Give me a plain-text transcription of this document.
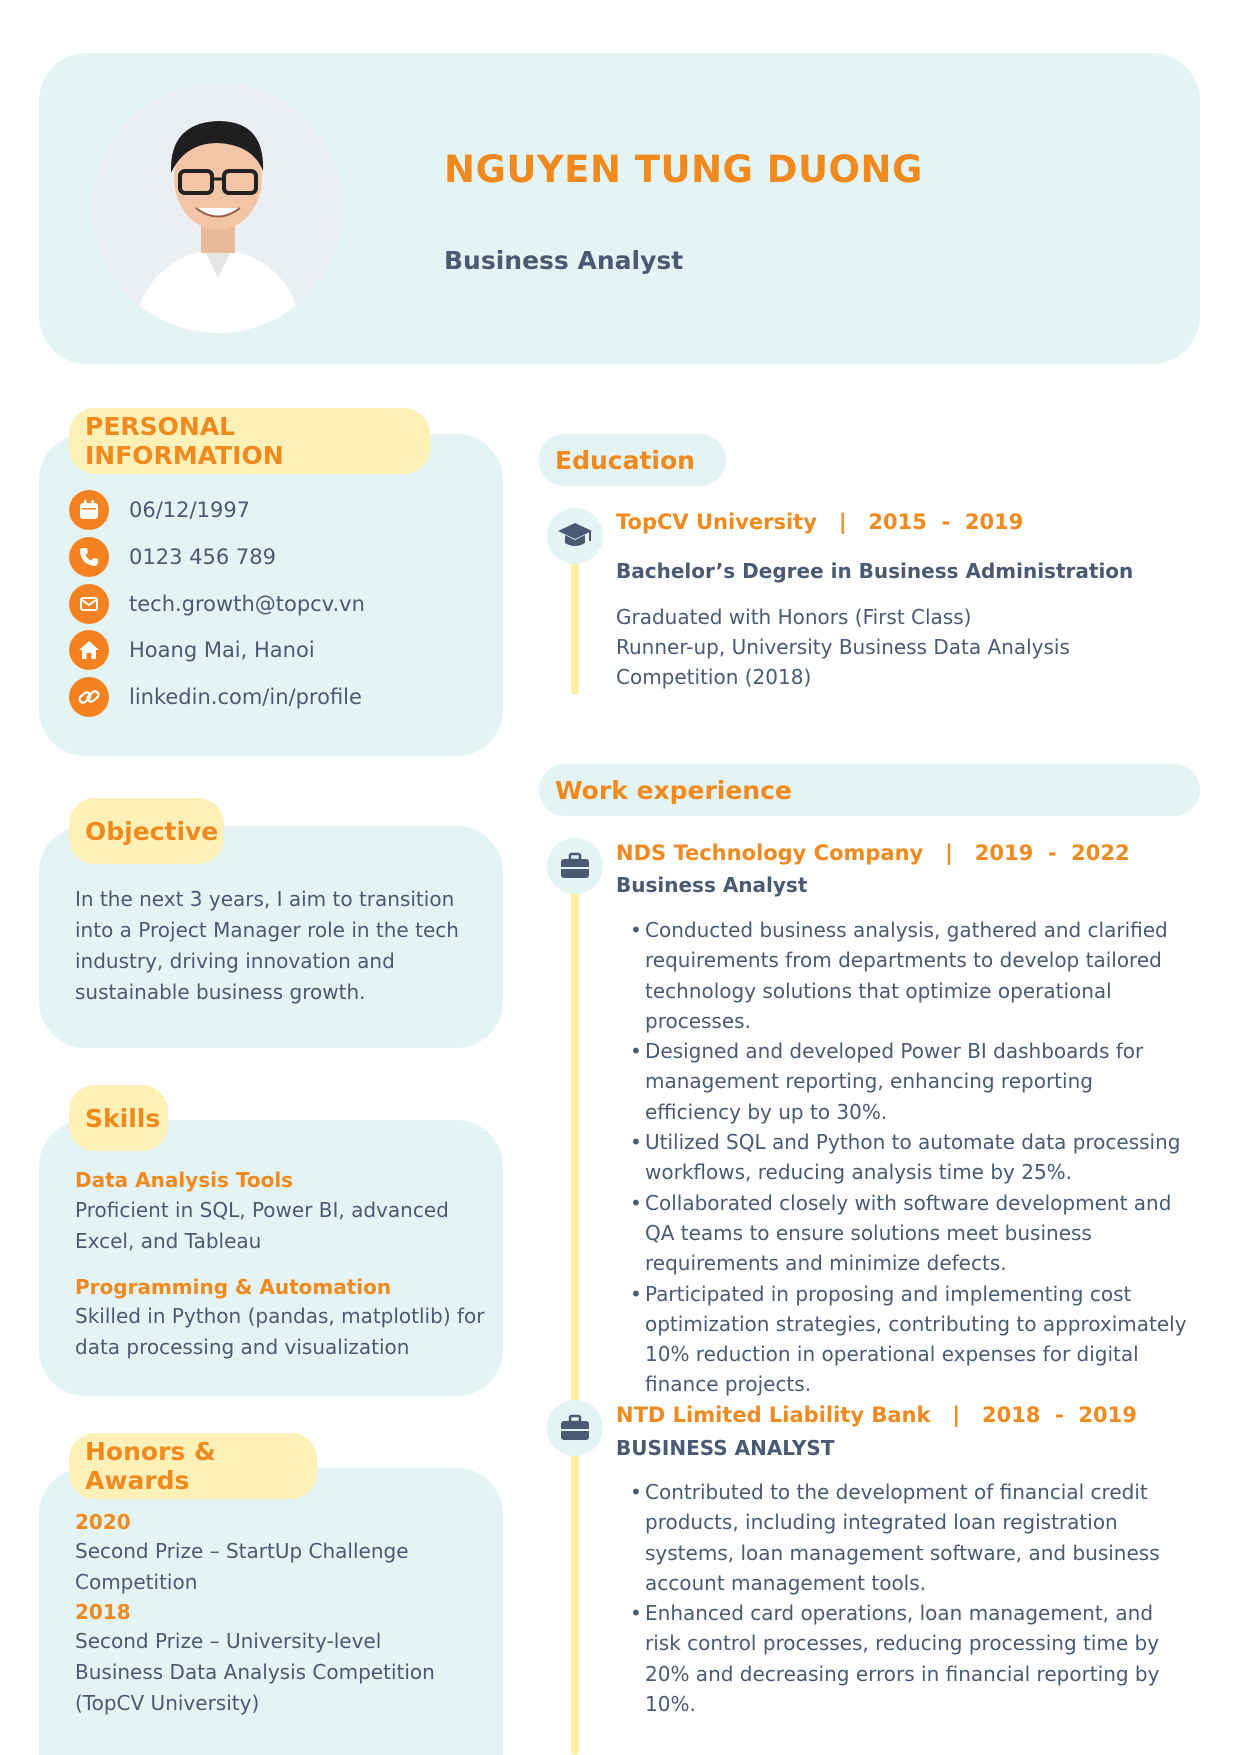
NGUYEN TUNG DUONG
Business Analyst
06/12/1997
0123 456 789
tech.growth@topcv.vn
Hoang Mai, Hanoi
linkedin.com/in/profile
PERSONAL INFORMATION
In the next 3 years, I aim to transition into a Project Manager role in the tech industry, driving innovation and sustainable business growth.
Objective
Data Analysis Tools
Proficient in SQL, Power BI, advanced Excel, and Tableau
Programming & Automation
Skilled in Python (pandas, matplotlib) for data processing and visualization
Skills
2020
Second Prize – StartUp Challenge Competition
2018
Second Prize – University-level Business Data Analysis Competition (TopCV University)
Honors & Awards
Education
TopCV University   |   2015  -  2019
Bachelor’s Degree in Business Administration
Graduated with Honors (First Class)
Runner-up, University Business Data Analysis Competition (2018)
Work experience
NDS Technology Company   |   2019  -  2022
Business Analyst
• Conducted business analysis, gathered and clarified requirements from departments to develop tailored technology solutions that optimize operational processes.
• Designed and developed Power BI dashboards for management reporting, enhancing reporting efficiency by up to 30%.
• Utilized SQL and Python to automate data processing workflows, reducing analysis time by 25%.
• Collaborated closely with software development and QA teams to ensure solutions meet business requirements and minimize defects.
• Participated in proposing and implementing cost optimization strategies, contributing to approximately 10% reduction in operational expenses for digital finance projects.
NTD Limited Liability Bank   |   2018  -  2019
BUSINESS ANALYST
• Contributed to the development of financial credit products, including integrated loan registration systems, loan management software, and business account management tools.
• Enhanced card operations, loan management, and risk control processes, reducing processing time by 20% and decreasing errors in financial reporting by 10%.
